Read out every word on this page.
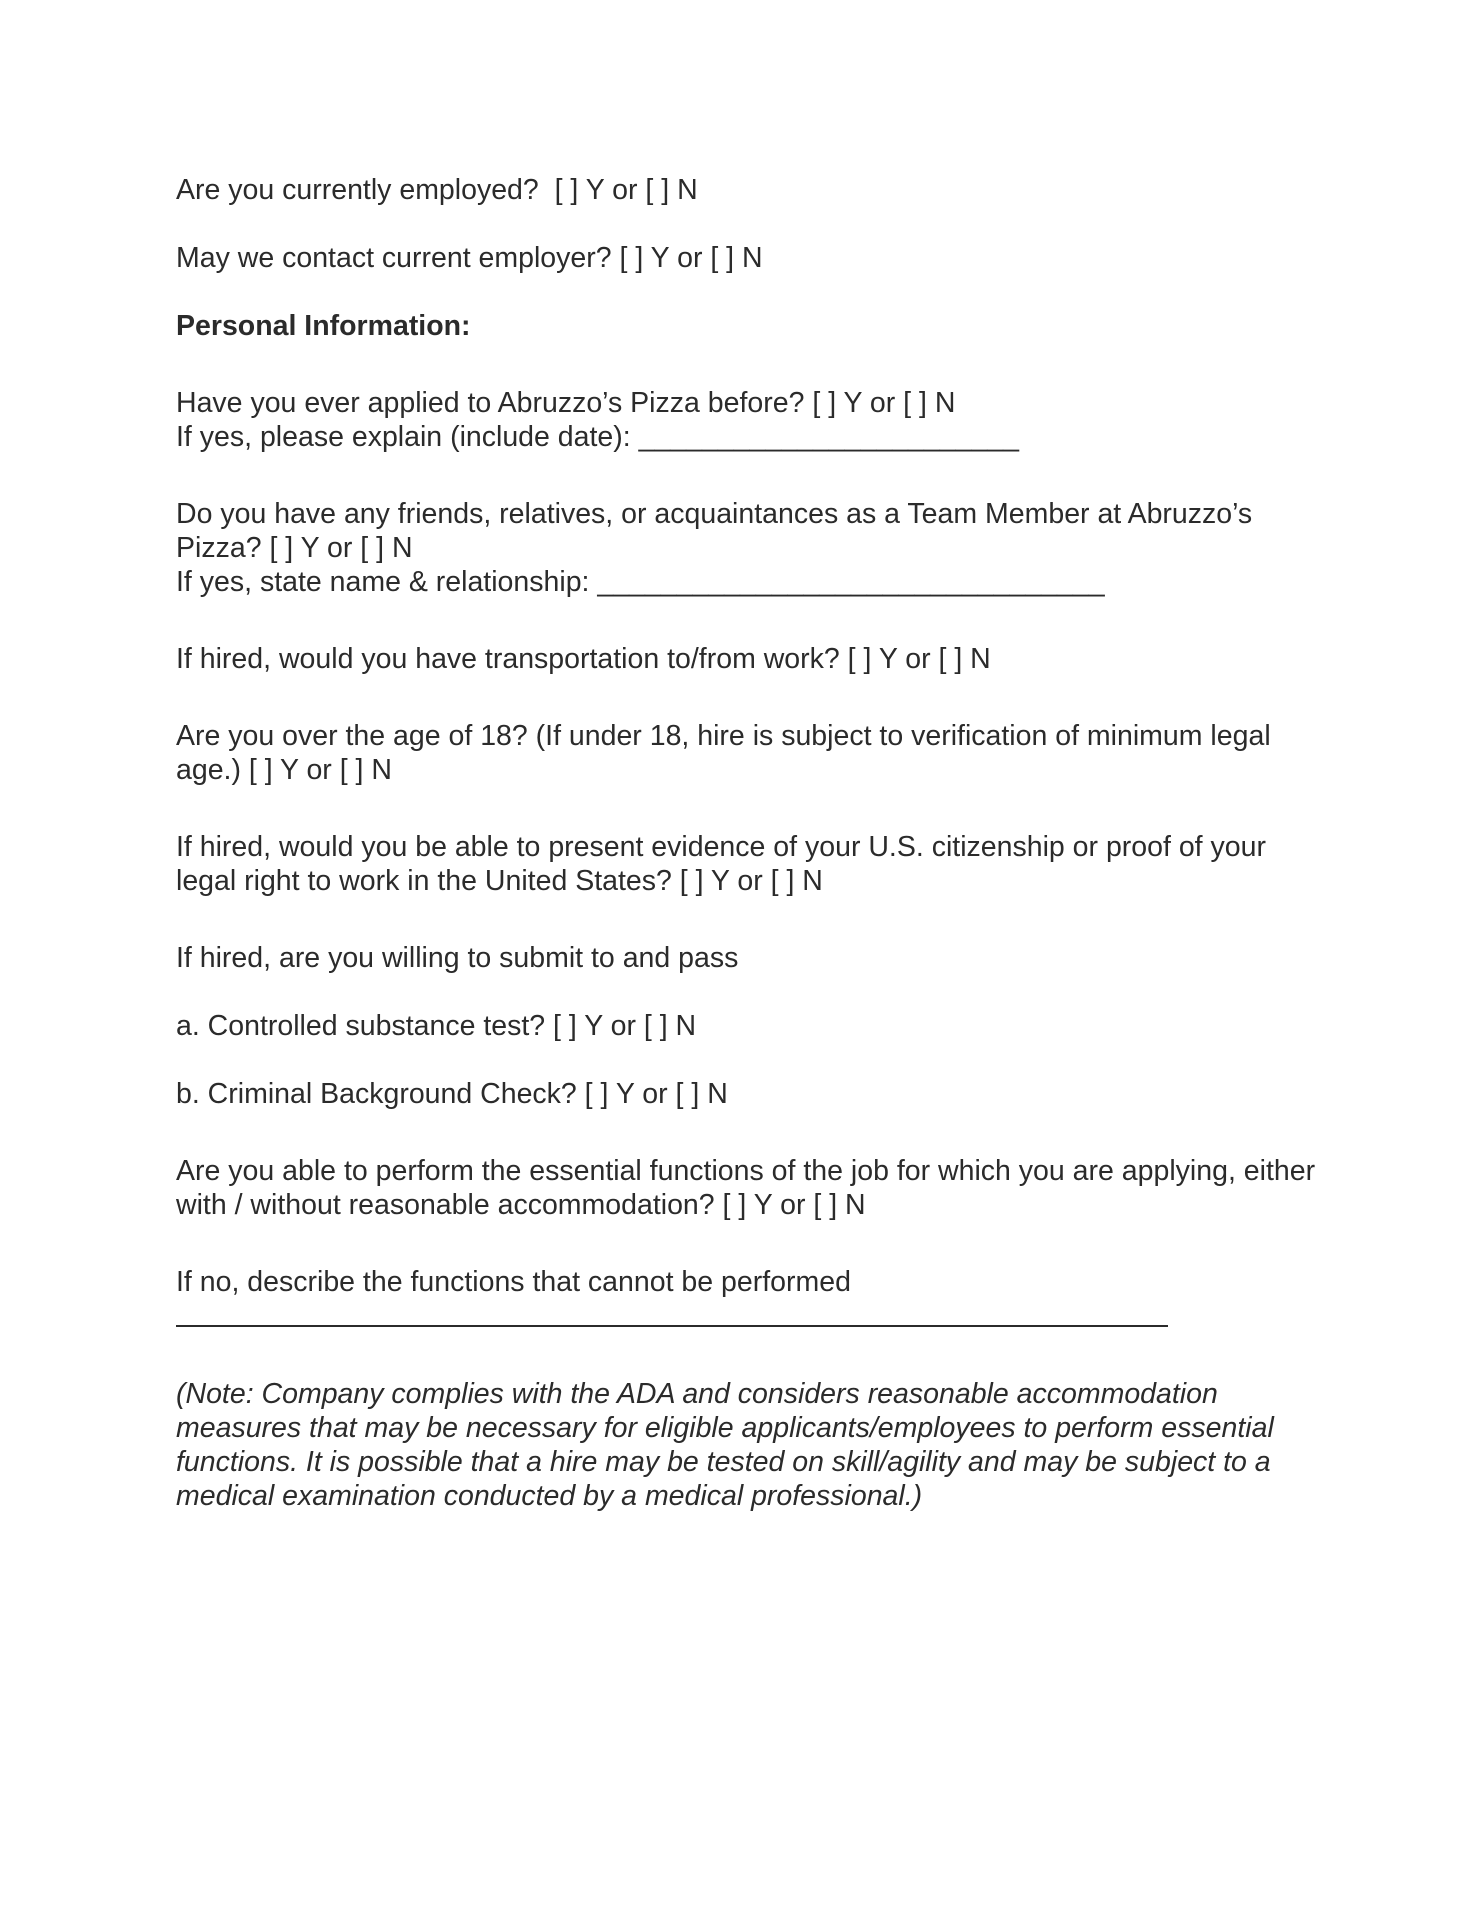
Are you currently employed?  [ ] Y or [ ] N

May we contact current employer? [ ] Y or [ ] N

Personal Information:

Have you ever applied to Abruzzo’s Pizza before? [ ] Y or [ ] N

If yes, please explain (include date): ________________________

Do you have any friends, relatives, or acquaintances as a Team Member at Abruzzo’s Pizza? [ ] Y or [ ] N

If yes, state name & relationship: ________________________________

If hired, would you have transportation to/from work? [ ] Y or [ ] N

Are you over the age of 18? (If under 18, hire is subject to verification of minimum legal age.) [ ] Y or [ ] N

If hired, would you be able to present evidence of your U.S. citizenship or proof of your legal right to work in the United States? [ ] Y or [ ] N

If hired, are you willing to submit to and pass

a. Controlled substance test? [ ] Y or [ ] N

b. Criminal Background Check? [ ] Y or [ ] N

Are you able to perform the essential functions of the job for which you are applying, either with / without reasonable accommodation? [ ] Y or [ ] N

If no, describe the functions that cannot be performed

(Note: Company complies with the ADA and considers reasonable accommodation measures that may be necessary for eligible applicants/employees to perform essential functions. It is possible that a hire may be tested on skill/agility and may be subject to a medical examination conducted by a medical professional.)
